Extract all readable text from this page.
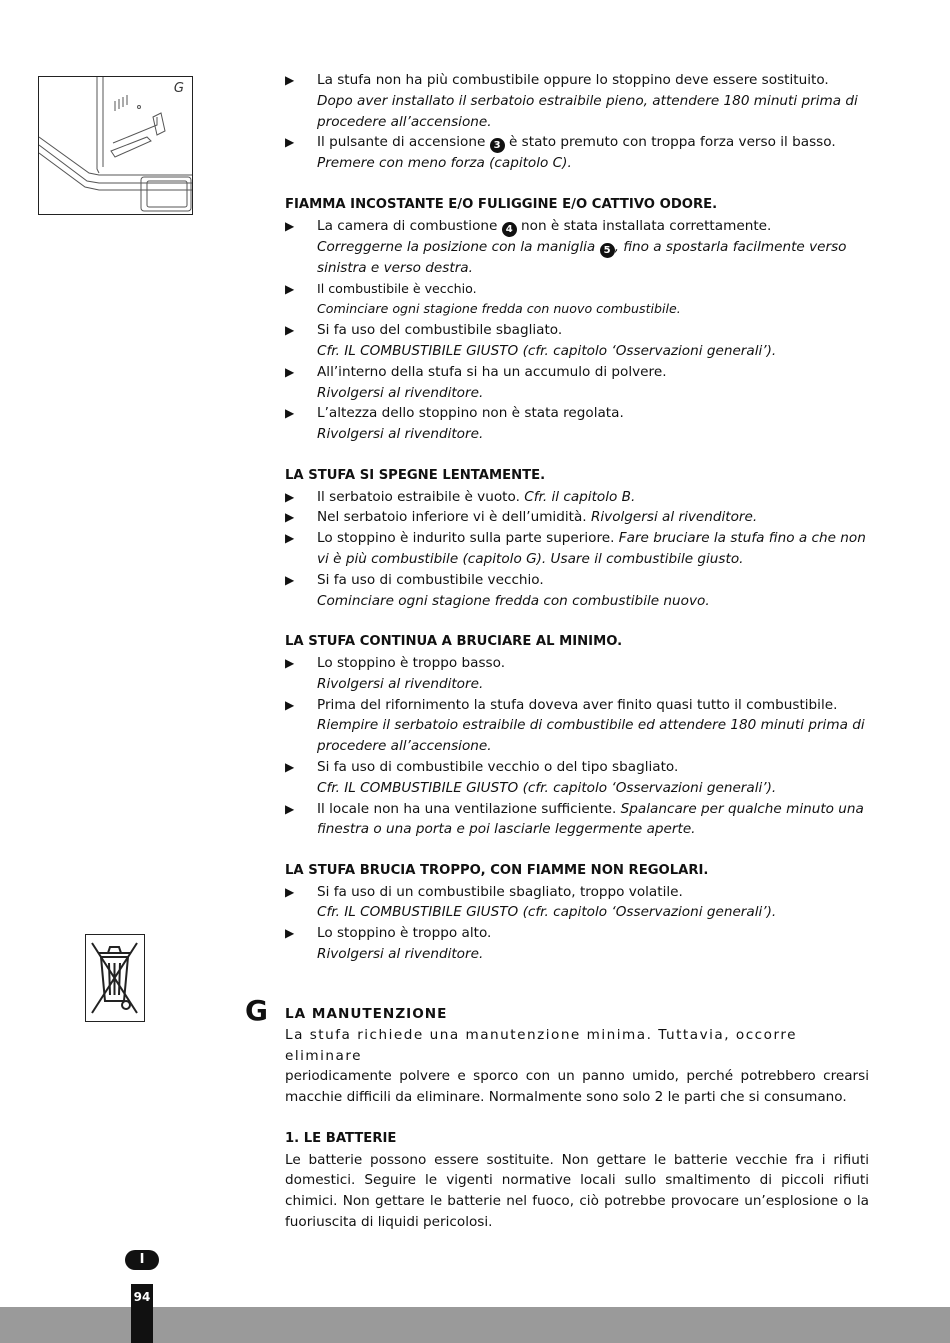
G
▶ La stufa non ha più combustibile oppure lo stoppino deve essere sostituito.
Dopo aver installato il serbatoio estraibile pieno, attendere 180 minuti prima di procedere all’accensione.
▶ Il pulsante di accensione 3 è stato premuto con troppa forza verso il basso.
Premere con meno forza (capitolo C).
FIAMMA INCOSTANTE E/O FULIGGINE E/O CATTIVO ODORE.
▶ La camera di combustione 4 non è stata installata correttamente.
Correggerne la posizione con la maniglia 5 , fino a spostarla facilmente verso sinistra e verso destra.
▶ Il combustibile è vecchio.
Cominciare ogni stagione fredda con nuovo combustibile.
▶ Si fa uso del combustibile sbagliato.
Cfr. IL COMBUSTIBILE GIUSTO (cfr. capitolo ‘Osservazioni generali’).
▶ All’interno della stufa si ha un accumulo di polvere.
Rivolgersi al rivenditore.
▶ L’altezza dello stoppino non è stata regolata.
Rivolgersi al rivenditore.
LA STUFA SI SPEGNE LENTAMENTE.
▶ Il serbatoio estraibile è vuoto. Cfr. il capitolo B.
▶ Nel serbatoio inferiore vi è dell’umidità. Rivolgersi al rivenditore.
▶ Lo stoppino è indurito sulla parte superiore. Fare bruciare la stufa fino a che non vi è più combustibile (capitolo G). Usare il combustibile giusto.
▶ Si fa uso di combustibile vecchio.
Cominciare ogni stagione fredda con combustibile nuovo.
LA STUFA CONTINUA A BRUCIARE AL MINIMO.
▶ Lo stoppino è troppo basso.
Rivolgersi al rivenditore.
▶ Prima del rifornimento la stufa doveva aver finito quasi tutto il combustibile.
Riempire il serbatoio estraibile di combustibile ed attendere 180 minuti prima di procedere all’accensione.
▶ Si fa uso di combustibile vecchio o del tipo sbagliato.
Cfr. IL COMBUSTIBILE GIUSTO (cfr. capitolo ‘Osservazioni generali’).
▶ Il locale non ha una ventilazione sufficiente. Spalancare per qualche minuto una finestra o una porta e poi lasciarle leggermente aperte.
LA STUFA BRUCIA TROPPO, CON FIAMME NON REGOLARI.
▶ Si fa uso di un combustibile sbagliato, troppo volatile.
Cfr. IL COMBUSTIBILE GIUSTO (cfr. capitolo ‘Osservazioni generali’).
▶ Lo stoppino è troppo alto.
Rivolgersi al rivenditore.
G LA MANUTENZIONE
La stufa richiede una manutenzione minima. Tuttavia, occorre eliminare
periodicamente polvere e sporco con un panno umido, perché potrebbero crearsi macchie difficili da eliminare. Normalmente sono solo 2 le parti che si consumano.
1. LE BATTERIE
Le batterie possono essere sostituite. Non gettare le batterie vecchie fra i rifiuti domestici. Seguire le vigenti normative locali sullo smaltimento di piccoli rifiuti chimici. Non gettare le batterie nel fuoco, ciò potrebbe provocare un’esplosione o la fuoriuscita di liquidi pericolosi.
I
94
